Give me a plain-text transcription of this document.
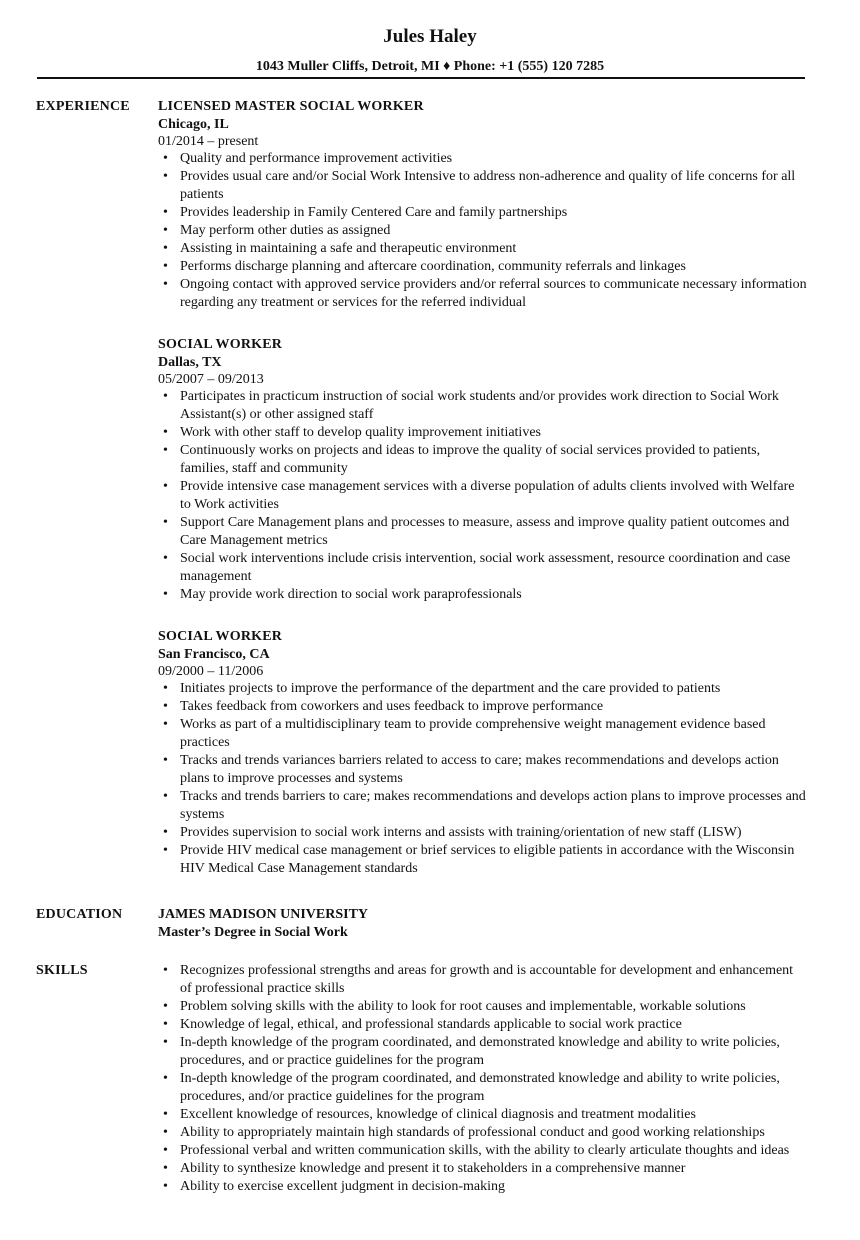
Jules Haley
1043 Muller Cliffs, Detroit, MI ♦ Phone: +1 (555) 120 7285
EXPERIENCE	LICENSED MASTER SOCIAL WORKER
Chicago, IL
01/2014 – present
• Quality and performance improvement activities
• Provides usual care and/or Social Work Intensive to address non-adherence and quality of life concerns for all patients
• Provides leadership in Family Centered Care and family partnerships
• May perform other duties as assigned
• Assisting in maintaining a safe and therapeutic environment
• Performs discharge planning and aftercare coordination, community referrals and linkages
• Ongoing contact with approved service providers and/or referral sources to communicate necessary information regarding any treatment or services for the referred individual
SOCIAL WORKER
Dallas, TX
05/2007 – 09/2013
• Participates in practicum instruction of social work students and/or provides work direction to Social Work Assistant(s) or other assigned staff
• Work with other staff to develop quality improvement initiatives
• Continuously works on projects and ideas to improve the quality of social services provided to patients, families, staff and community
• Provide intensive case management services with a diverse population of adults clients involved with Welfare to Work activities
• Support Care Management plans and processes to measure, assess and improve quality patient outcomes and Care Management metrics
• Social work interventions include crisis intervention, social work assessment, resource coordination and case management
• May provide work direction to social work paraprofessionals
SOCIAL WORKER
San Francisco, CA
09/2000 – 11/2006
• Initiates projects to improve the performance of the department and the care provided to patients
• Takes feedback from coworkers and uses feedback to improve performance
• Works as part of a multidisciplinary team to provide comprehensive weight management evidence based practices
• Tracks and trends variances barriers related to access to care; makes recommendations and develops action plans to improve processes and systems
• Tracks and trends barriers to care; makes recommendations and develops action plans to improve processes and systems
• Provides supervision to social work interns and assists with training/orientation of new staff (LISW)
• Provide HIV medical case management or brief services to eligible patients in accordance with the Wisconsin HIV Medical Case Management standards
EDUCATION	JAMES MADISON UNIVERSITY
Master’s Degree in Social Work
SKILLS
•	Recognizes professional strengths and areas for growth and is accountable for development and enhancement of professional practice skills
• Problem solving skills with the ability to look for root causes and implementable, workable solutions
• Knowledge of legal, ethical, and professional standards applicable to social work practice
• In-depth knowledge of the program coordinated, and demonstrated knowledge and ability to write policies, procedures, and or practice guidelines for the program
• In-depth knowledge of the program coordinated, and demonstrated knowledge and ability to write policies, procedures, and/or practice guidelines for the program
• Excellent knowledge of resources, knowledge of clinical diagnosis and treatment modalities
• Ability to appropriately maintain high standards of professional conduct and good working relationships
• Professional verbal and written communication skills, with the ability to clearly articulate thoughts and ideas
• Ability to synthesize knowledge and present it to stakeholders in a comprehensive manner
• Ability to exercise excellent judgment in decision-making
